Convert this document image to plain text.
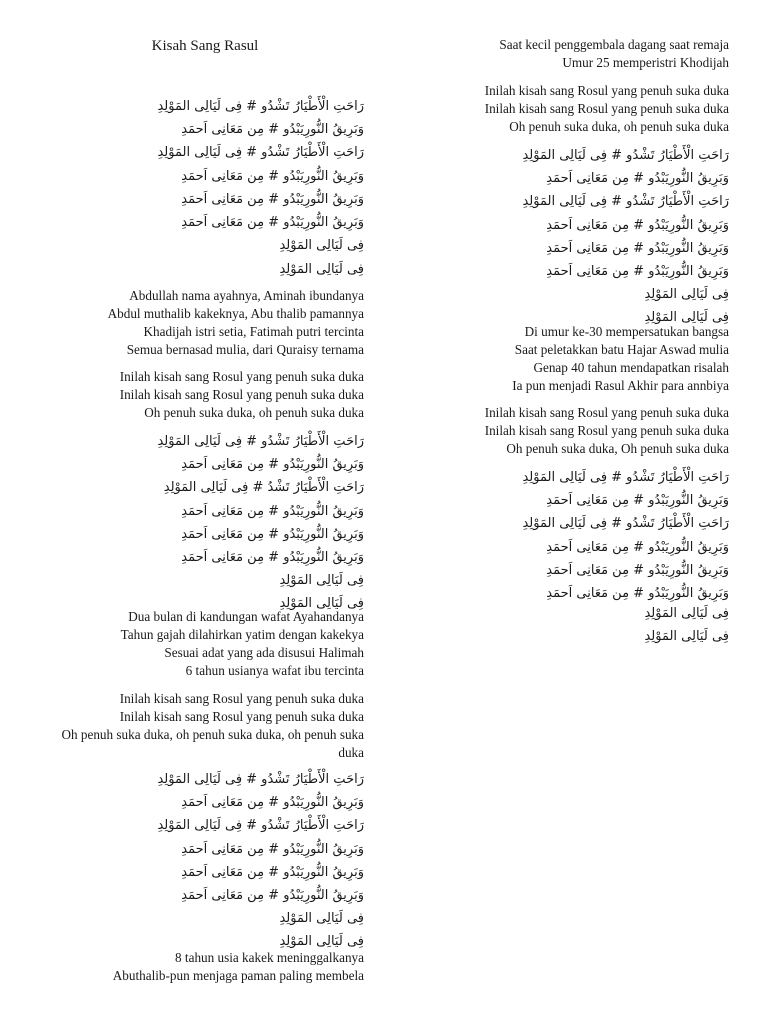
Kisah Sang Rasul
رَاحَتِ الْأَطْيَارُ تَشْدُو # فِى لَيَالِى المَوْلِدِ
وَبَرِيقُ النُّورِيَبْدُو # مِن مَعَانِى اَحمَدِ
رَاحَتِ الْأَطْيَارُ تَشْدُو # فِى لَيَالِى المَوْلِدِ
وَبَرِيقُ النُّورِيَبْدُو # مِن مَعَانِى اَحمَدِ
وَبَرِيقُ النُّورِيَبْدُو # مِن مَعَانِى اَحمَدِ
وَبَرِيقُ النُّورِيَبْدُو # مِن مَعَانِى اَحمَدِ
فِى لَيَالِى المَوْلِدِ
فِى لَيَالِى المَوْلِدِ
Abdullah nama ayahnya, Aminah ibundanya
Abdul muthalib kakeknya, Abu thalib pamannya
Khadijah istri setia, Fatimah putri tercinta
Semua bernasad mulia, dari Quraisy ternama
Inilah kisah sang Rosul yang penuh suka duka
Inilah kisah sang Rosul yang penuh suka duka
Oh penuh suka duka, oh penuh suka duka
رَاحَتِ الْأَطْيَارُ تَشْدُو # فِى لَيَالِى المَوْلِدِ
وَبَرِيقُ النُّورِيَبْدُو # مِن مَعَانِى اَحمَدِ
رَاحَتِ الْأَطْيَارُ تَشْدُ # فِى لَيَالِى المَوْلِدِ
وَبَرِيقُ النُّورِيَبْدُو # مِن مَعَانِى اَحمَدِ
وَبَرِيقُ النُّورِيَبْدُو # مِن مَعَانِى اَحمَدِ
وَبَرِيقُ النُّورِيَبْدُو # مِن مَعَانِى اَحمَدِ
فِى لَيَالِى المَوْلِدِ
فِى لَيَالِى المَوْلِدِ
Dua bulan di kandungan wafat Ayahandanya
Tahun gajah dilahirkan yatim dengan kakekya
Sesuai adat yang ada disusui Halimah
6 tahun usianya wafat ibu tercinta
Inilah kisah sang Rosul yang penuh suka duka
Inilah kisah sang Rosul yang penuh suka duka
Oh penuh suka duka, oh penuh suka duka, oh penuh suka duka
رَاحَتِ الْأَطْيَارُ تَشْدُو # فِى لَيَالِى المَوْلِدِ
وَبَرِيقُ النُّورِيَبْدُو # مِن مَعَانِى اَحمَدِ
رَاحَتِ الْأَطْيَارُ تَشْدُو # فِى لَيَالِى المَوْلِدِ
وَبَرِيقُ النُّورِيَبْدُو # مِن مَعَانِى اَحمَدِ
وَبَرِيقُ النُّورِيَبْدُو # مِن مَعَانِى اَحمَدِ
وَبَرِيقُ النُّورِيَبْدُو # مِن مَعَانِى اَحمَدِ
فِى لَيَالِى المَوْلِدِ
فِى لَيَالِى المَوْلِدِ
8 tahun usia kakek meninggalkanya
Abuthalib-pun menjaga paman paling membela
Saat kecil penggembala dagang saat remaja
Umur 25 memperistri Khodijah
Inilah kisah sang Rosul yang penuh suka duka
Inilah kisah sang Rosul yang penuh suka duka
Oh penuh suka duka, oh penuh suka duka
رَاحَتِ الْأَطْيَارُ تَشْدُو # فِى لَيَالِى المَوْلِدِ
وَبَرِيقُ النُّورِيَبْدُو # مِن مَعَانِى اَحمَدِ
رَاحَتِ الْأَطْيَارُ تَشْدُو # فِى لَيَالِى المَوْلِدِ
وَبَرِيقُ النُّورِيَبْدُو # مِن مَعَانِى اَحمَدِ
وَبَرِيقُ النُّورِيَبْدُو # مِن مَعَانِى اَحمَدِ
وَبَرِيقُ النُّورِيَبْدُو # مِن مَعَانِى اَحمَدِ
فِى لَيَالِى المَوْلِدِ
فِى لَيَالِى المَوْلِدِ
Di umur ke-30 mempersatukan bangsa
Saat peletakkan batu Hajar Aswad mulia
Genap 40 tahun mendapatkan risalah
Ia pun menjadi Rasul Akhir para annbiya
Inilah kisah sang Rosul yang penuh suka duka
Inilah kisah sang Rosul yang penuh suka duka
Oh penuh suka duka, Oh penuh suka duka
رَاحَتِ الْأَطْيَارُ تَشْدُو # فِى لَيَالِى المَوْلِدِ
وَبَرِيقُ النُّورِيَبْدُو # مِن مَعَانِى اَحمَدِ
رَاحَتِ الْأَطْيَارُ تَشْدُو # فِى لَيَالِى المَوْلِدِ
وَبَرِيقُ النُّورِيَبْدُو # مِن مَعَانِى اَحمَدِ
وَبَرِيقُ النُّورِيَبْدُو # مِن مَعَانِى اَحمَدِ
وَبَرِيقُ النُّورِيَبْدُو # مِن مَعَانِى اَحمَدِ
فِى لَيَالِى المَوْلِدِ
فِى لَيَالِى المَوْلِدِ
